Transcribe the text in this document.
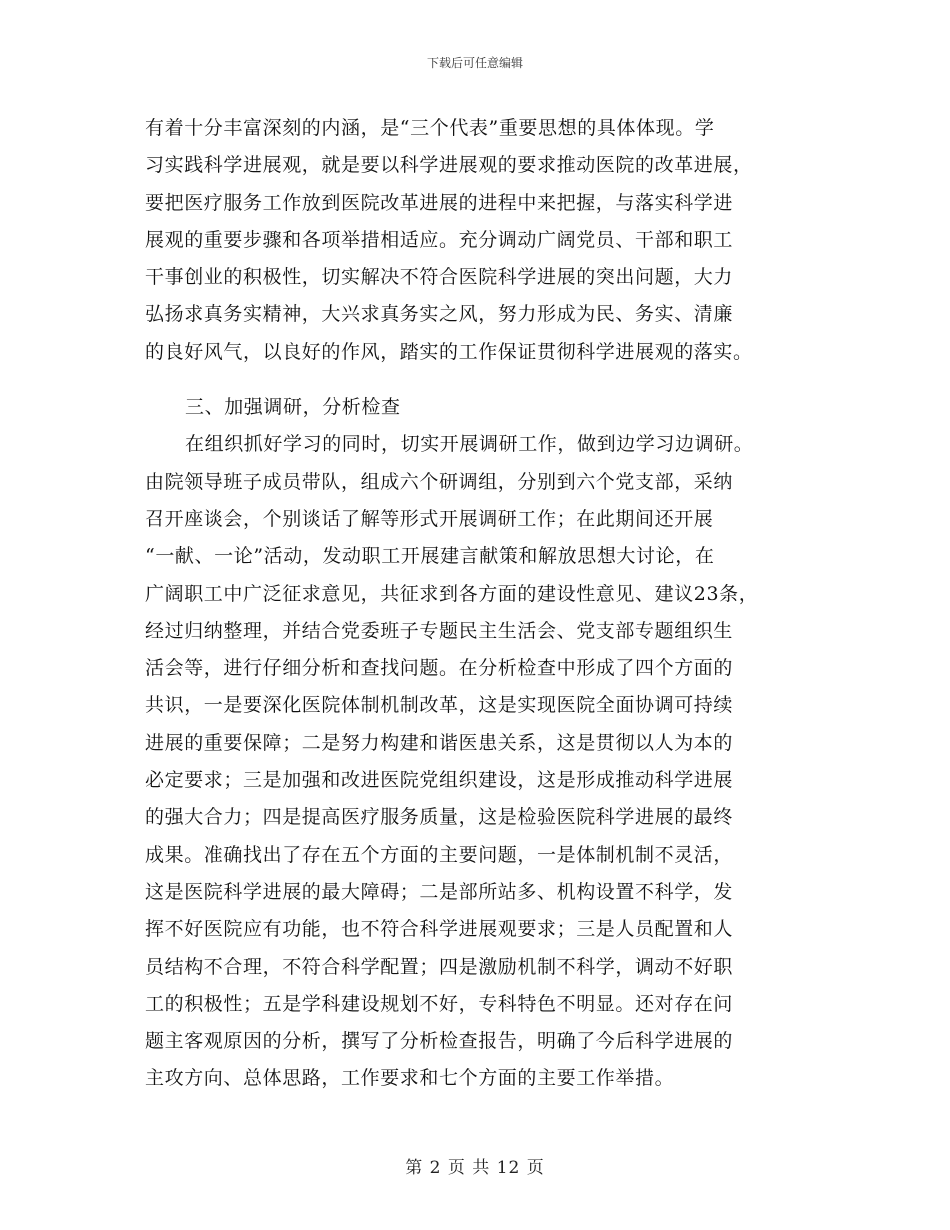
下载后可任意编辑
有着十分丰富深刻的内涵，是“三个代表”重要思想的具体体现。学
习实践科学进展观，就是要以科学进展观的要求推动医院的改革进展，
要把医疗服务工作放到医院改革进展的进程中来把握，与落实科学进
展观的重要步骤和各项举措相适应。充分调动广阔党员、干部和职工
干事创业的积极性，切实解决不符合医院科学进展的突出问题，大力
弘扬求真务实精神，大兴求真务实之风，努力形成为民、务实、清廉
的良好风气，以良好的作风，踏实的工作保证贯彻科学进展观的落实。
三、加强调研，分析检查
在组织抓好学习的同时，切实开展调研工作，做到边学习边调研。
由院领导班子成员带队，组成六个研调组，分别到六个党支部，采纳
召开座谈会，个别谈话了解等形式开展调研工作；在此期间还开展
“一献、一论”活动，发动职工开展建言献策和解放思想大讨论，在
广阔职工中广泛征求意见，共征求到各方面的建设性意见、建议23条，
经过归纳整理，并结合党委班子专题民主生活会、党支部专题组织生
活会等，进行仔细分析和查找问题。在分析检查中形成了四个方面的
共识，一是要深化医院体制机制改革，这是实现医院全面协调可持续
进展的重要保障；二是努力构建和谐医患关系，这是贯彻以人为本的
必定要求；三是加强和改进医院党组织建设，这是形成推动科学进展
的强大合力；四是提高医疗服务质量，这是检验医院科学进展的最终
成果。准确找出了存在五个方面的主要问题，一是体制机制不灵活，
这是医院科学进展的最大障碍；二是部所站多、机构设置不科学，发
挥不好医院应有功能，也不符合科学进展观要求；三是人员配置和人
员结构不合理，不符合科学配置；四是激励机制不科学，调动不好职
工的积极性；五是学科建设规划不好，专科特色不明显。还对存在问
题主客观原因的分析，撰写了分析检查报告，明确了今后科学进展的
主攻方向、总体思路，工作要求和七个方面的主要工作举措。
第 2 页 共 12 页
